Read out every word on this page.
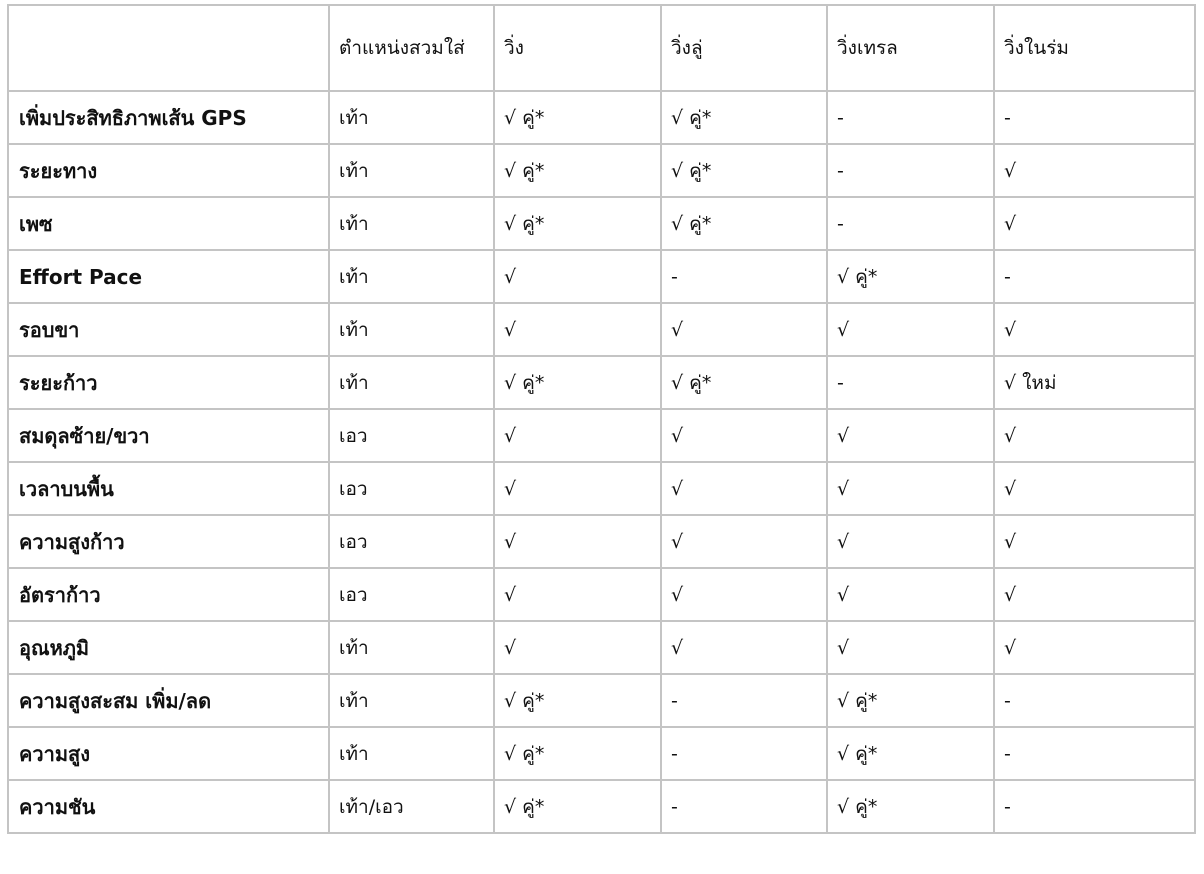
	ตำแหน่งสวมใส่	วิ่ง	วิ่งลู่	วิ่งเทรล	วิ่งในร่ม
เพิ่มประสิทธิภาพเส้น GPS	เท้า	√ คู่*	√ คู่*	-	-
ระยะทาง	เท้า	√ คู่*	√ คู่*	-	√
เพซ	เท้า	√ คู่*	√ คู่*	-	√
Effort Pace	เท้า	√	-	√ คู่*	-
รอบขา	เท้า	√	√	√	√
ระยะก้าว	เท้า	√ คู่*	√ คู่*	-	√ ใหม่
สมดุลซ้าย/ขวา	เอว	√	√	√	√
เวลาบนพื้น	เอว	√	√	√	√
ความสูงก้าว	เอว	√	√	√	√
อัตราก้าว	เอว	√	√	√	√
อุณหภูมิ	เท้า	√	√	√	√
ความสูงสะสม เพิ่ม/ลด	เท้า	√ คู่*	-	√ คู่*	-
ความสูง	เท้า	√ คู่*	-	√ คู่*	-
ความชัน	เท้า/เอว	√ คู่*	-	√ คู่*	-
